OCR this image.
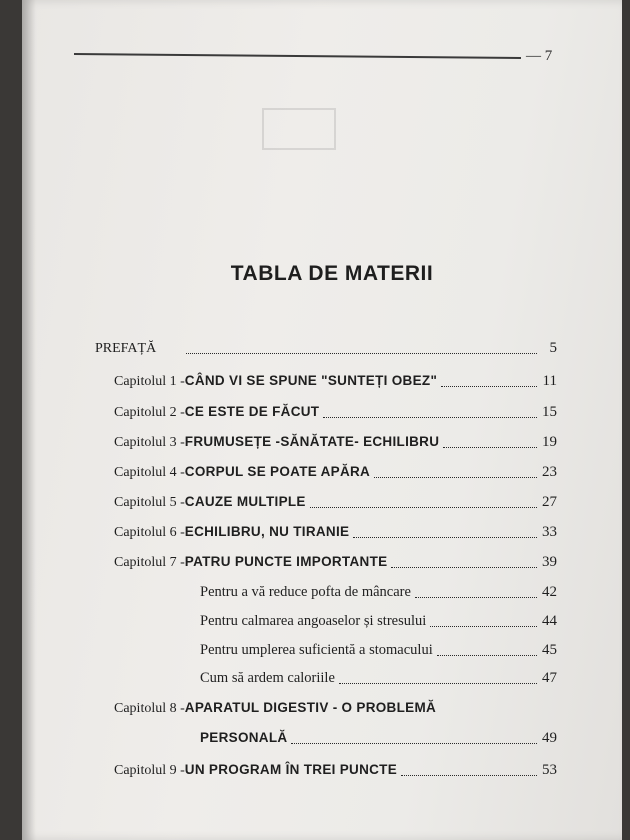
— 7
TABLA DE MATERII
PREFAȚĂ	5
Capitolul 1 - CÂND VI SE SPUNE "SUNTEȚI OBEZ"	11
Capitolul 2 - CE ESTE DE FĂCUT	15
Capitolul 3 - FRUMUSEȚE -SĂNĂTATE- ECHILIBRU	19
Capitolul 4 - CORPUL SE POATE APĂRA	23
Capitolul 5 - CAUZE MULTIPLE	27
Capitolul 6 - ECHILIBRU, NU TIRANIE	33
Capitolul 7 - PATRU PUNCTE IMPORTANTE	39
Pentru a vă reduce pofta de mâncare	42
Pentru calmarea angoaselor și stresului	44
Pentru umplerea suficientă a stomacului	45
Cum să ardem caloriile	47
Capitolul 8 - APARATUL DIGESTIV - O PROBLEMĂ
PERSONALĂ	49
Capitolul 9 - UN PROGRAM ÎN TREI PUNCTE	53
